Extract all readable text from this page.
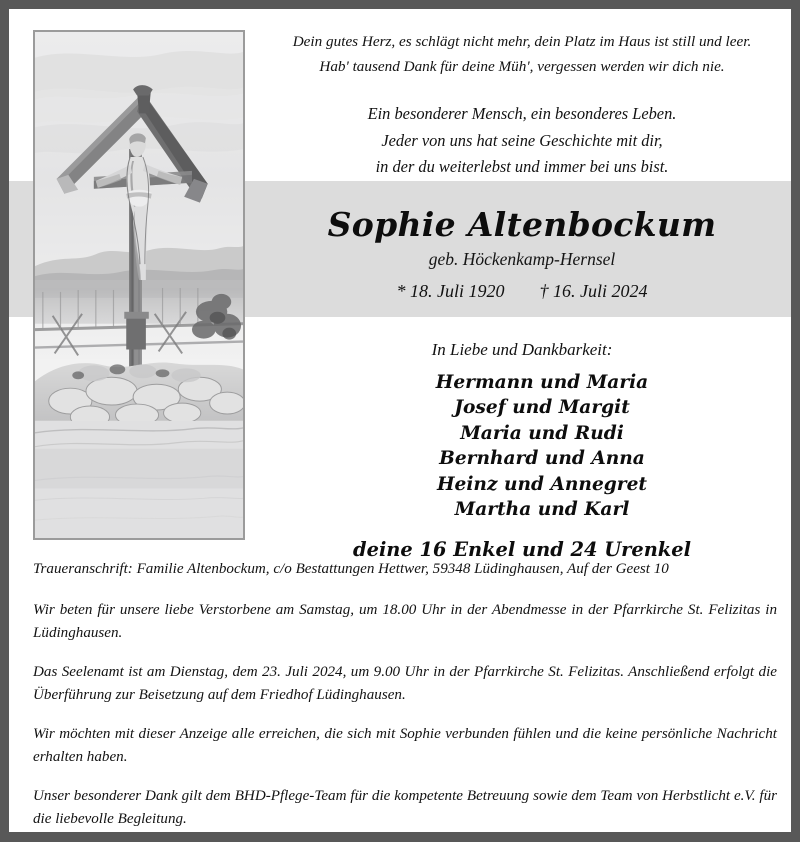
Dein gutes Herz, es schlägt nicht mehr, dein Platz im Haus ist still und leer.
Hab' tausend Dank für deine Müh', vergessen werden wir dich nie.
Ein besonderer Mensch, ein besonderes Leben.
Jeder von uns hat seine Geschichte mit dir,
in der du weiterlebst und immer bei uns bist.
Sophie Altenbockum
geb. Höckenkamp-Hernsel
* 18. Juli 1920 † 16. Juli 2024
In Liebe und Dankbarkeit:
Hermann und Maria
Josef und Margit
Maria und Rudi
Bernhard und Anna
Heinz und Annegret
Martha und Karl
deine 16 Enkel und 24 Urenkel

Traueranschrift: Familie Altenbockum, c/o Bestattungen Hettwer, 59348 Lüdinghausen, Auf der Geest 10

Wir beten für unsere liebe Verstorbene am Samstag, um 18.00 Uhr in der Abendmesse in der Pfarrkirche St. Felizitas in Lüdinghausen.

Das Seelenamt ist am Dienstag, dem 23. Juli 2024, um 9.00 Uhr in der Pfarrkirche St. Felizitas. Anschließend erfolgt die Überführung zur Beisetzung auf dem Friedhof Lüdinghausen.

Wir möchten mit dieser Anzeige alle erreichen, die sich mit Sophie verbunden fühlen und die keine persönliche Nachricht erhalten haben.

Unser besonderer Dank gilt dem BHD-Pflege-Team für die kompetente Betreuung sowie dem Team von Herbstlicht e.V. für die liebevolle Begleitung.
